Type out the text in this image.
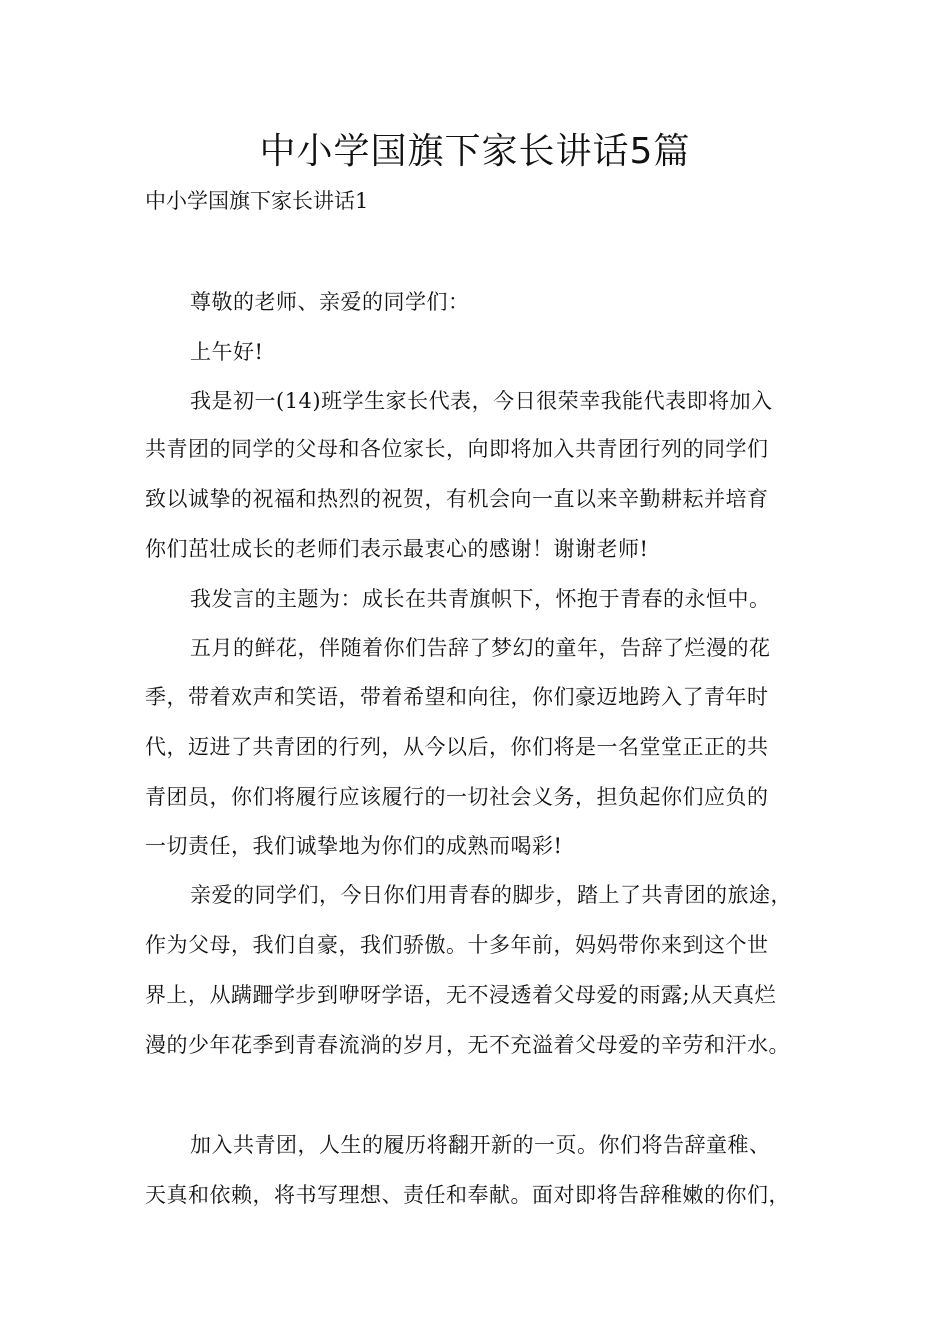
中小学国旗下家长讲话5篇
中小学国旗下家长讲话1
尊敬的老师、亲爱的同学们：
上午好!
我是初一(14)班学生家长代表，今日很荣幸我能代表即将加入
共青团的同学的父母和各位家长，向即将加入共青团行列的同学们
致以诚挚的祝福和热烈的祝贺，有机会向一直以来辛勤耕耘并培育
你们茁壮成长的老师们表示最衷心的感谢！谢谢老师!
我发言的主题为：成长在共青旗帜下，怀抱于青春的永恒中。
五月的鲜花，伴随着你们告辞了梦幻的童年，告辞了烂漫的花
季，带着欢声和笑语，带着希望和向往，你们豪迈地跨入了青年时
代，迈进了共青团的行列，从今以后，你们将是一名堂堂正正的共
青团员，你们将履行应该履行的一切社会义务，担负起你们应负的
一切责任，我们诚挚地为你们的成熟而喝彩!
亲爱的同学们，今日你们用青春的脚步，踏上了共青团的旅途，
作为父母，我们自豪，我们骄傲。十多年前，妈妈带你来到这个世
界上，从蹒跚学步到咿呀学语，无不浸透着父母爱的雨露;从天真烂
漫的少年花季到青春流淌的岁月，无不充溢着父母爱的辛劳和汗水。
加入共青团，人生的履历将翻开新的一页。你们将告辞童稚、
天真和依赖，将书写理想、责任和奉献。面对即将告辞稚嫩的你们，
